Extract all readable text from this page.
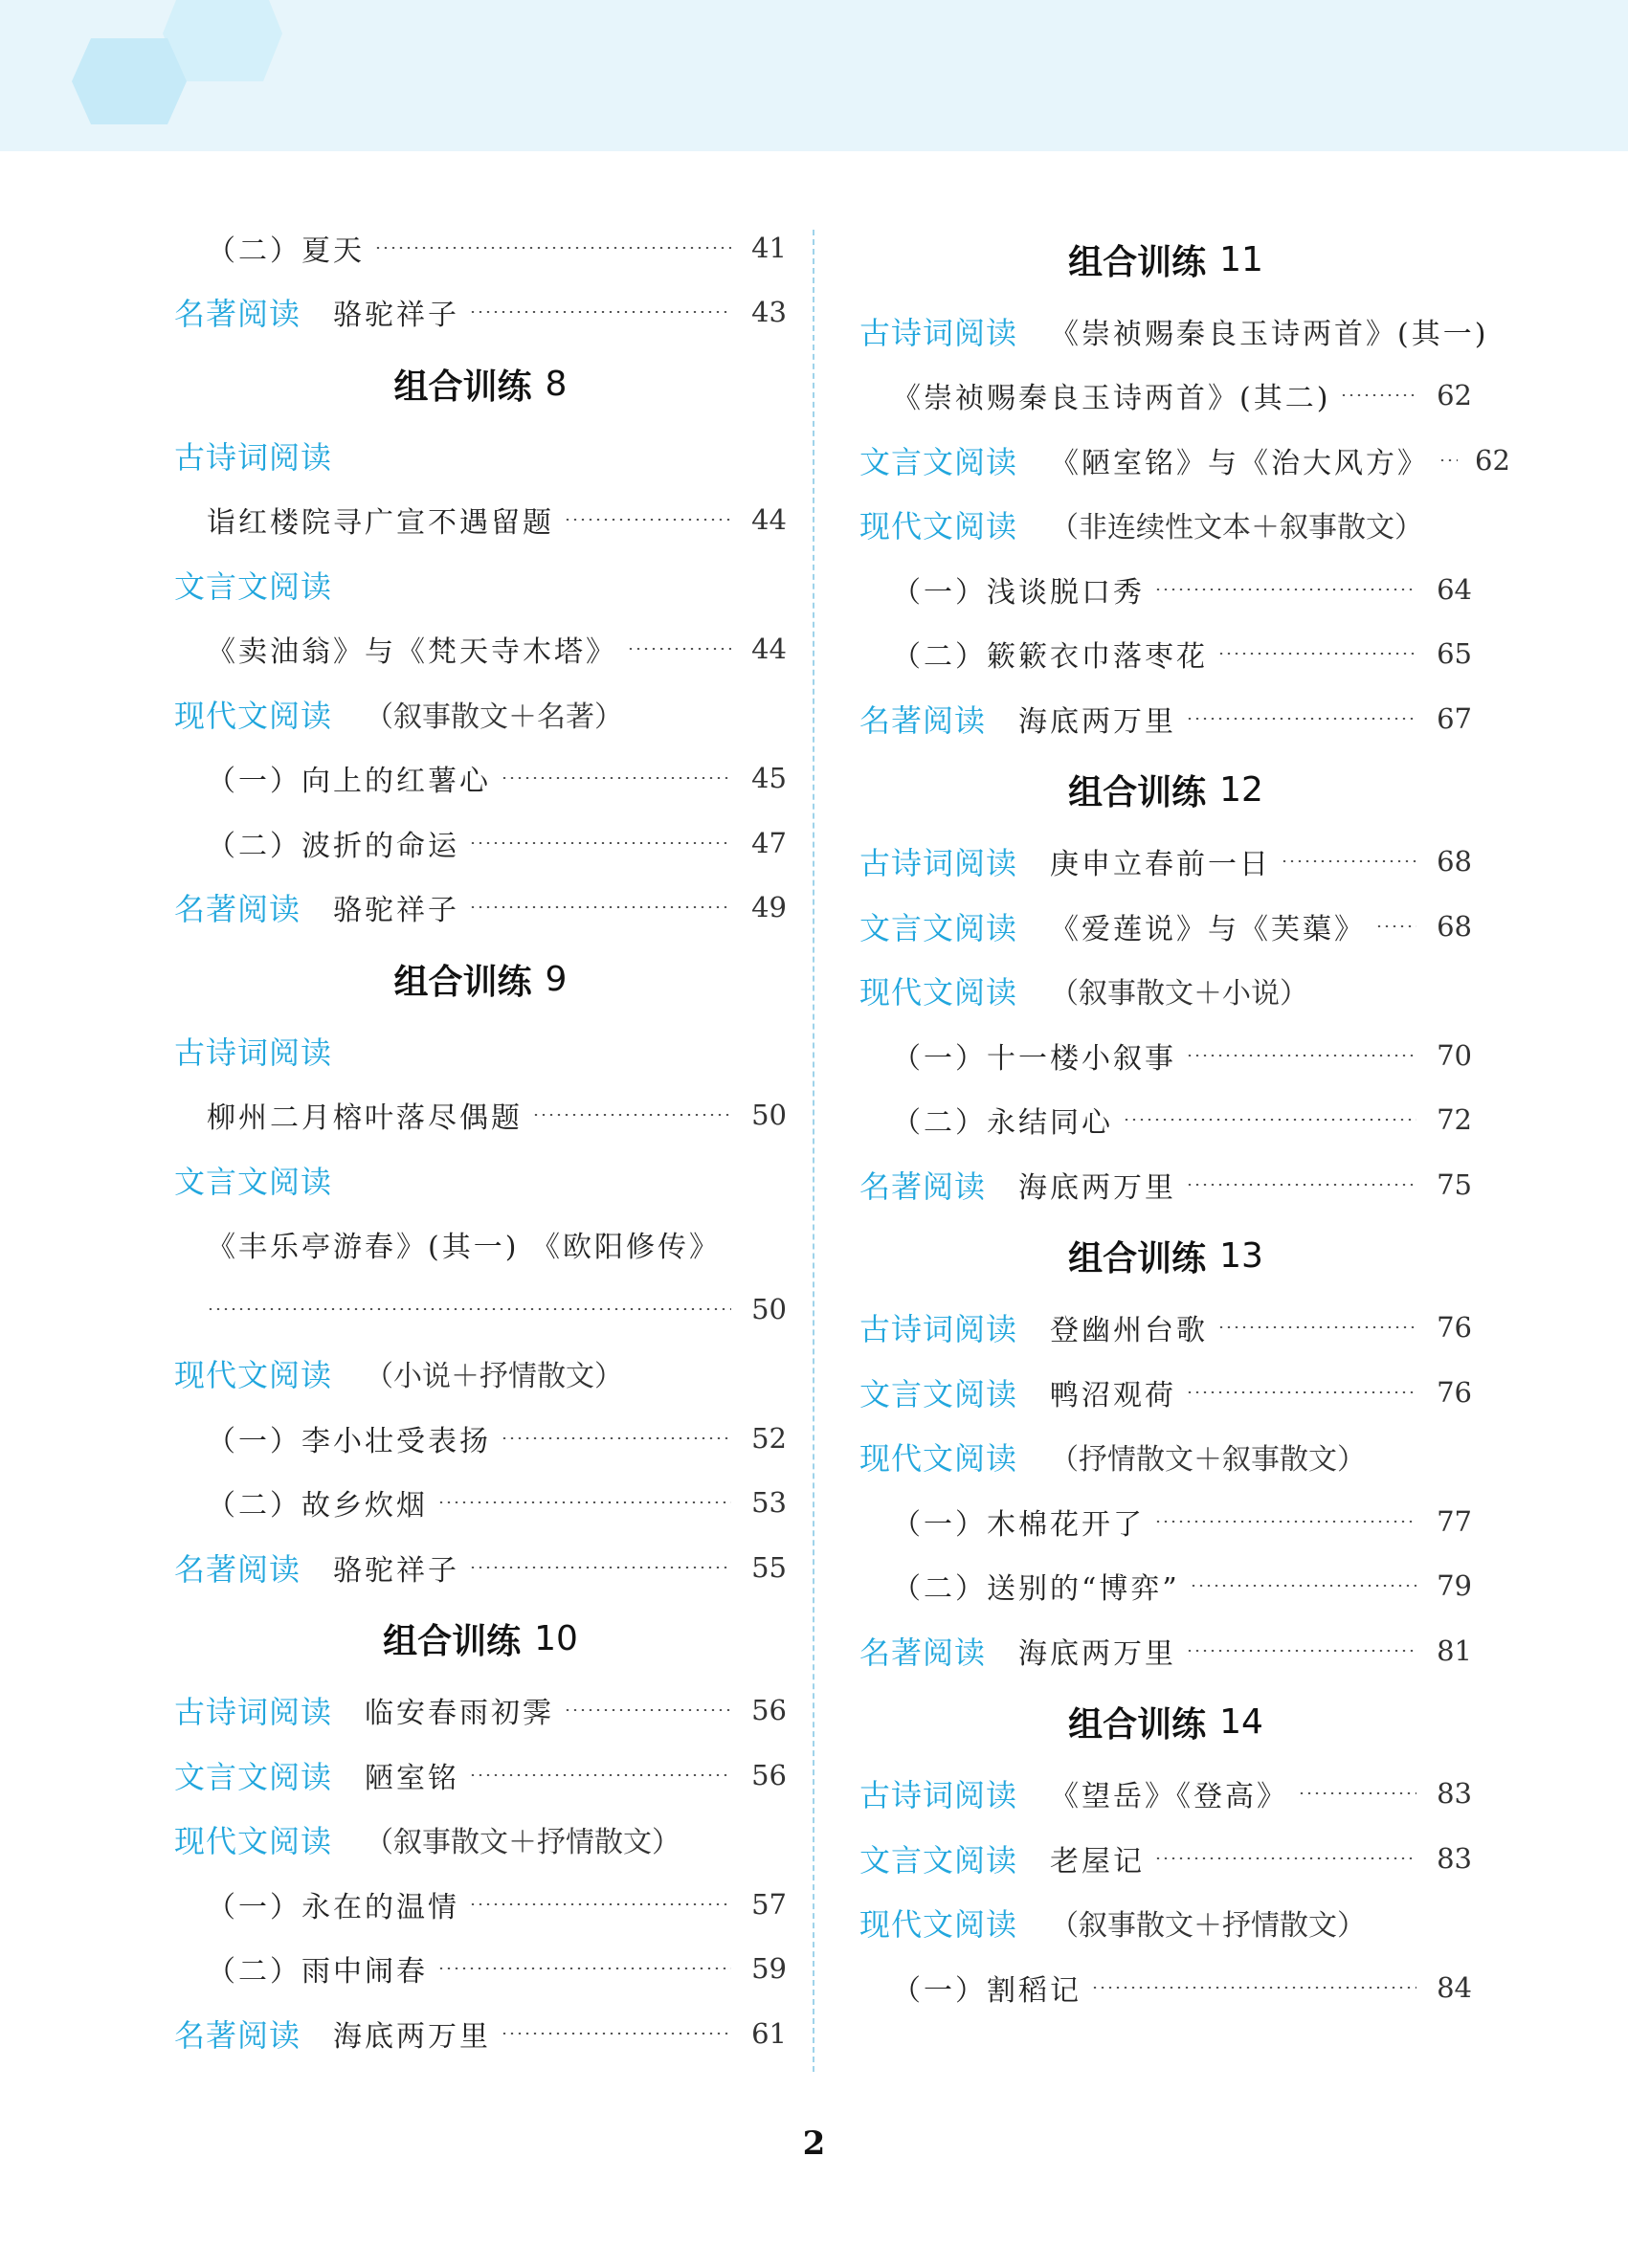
（二）夏天	41
名著阅读 骆驼祥子	43
组合训练 8
古诗词阅读
诣红楼院寻广宣不遇留题	44
文言文阅读
《卖油翁》与《梵天寺木塔》	44
现代文阅读 （叙事散文＋名著）
（一）向上的红薯心	45
（二）波折的命运	47
名著阅读 骆驼祥子	49
组合训练 9
古诗词阅读
柳州二月榕叶落尽偶题	50
文言文阅读
《丰乐亭游春》(其一) 《欧阳修传》
50
现代文阅读 （小说＋抒情散文）
（一）李小壮受表扬	52
（二）故乡炊烟	53
名著阅读 骆驼祥子	55
组合训练 10
古诗词阅读 临安春雨初霁	56
文言文阅读 陋室铭	56
现代文阅读 （叙事散文＋抒情散文）
（一）永在的温情	57
（二）雨中闹春	59
名著阅读 海底两万里	61
组合训练 11
古诗词阅读 《崇祯赐秦良玉诗两首》(其一)
《崇祯赐秦良玉诗两首》(其二)	62
文言文阅读 《陋室铭》与《治大风方》 62
现代文阅读 （非连续性文本＋叙事散文）
（一）浅谈脱口秀	64
（二）簌簌衣巾落枣花	65
名著阅读 海底两万里	67
组合训练 12
古诗词阅读 庚申立春前一日	68
文言文阅读 《爱莲说》与《芙蕖》	68
现代文阅读 （叙事散文＋小说）
（一）十一楼小叙事	70
（二）永结同心	72
名著阅读 海底两万里	75
组合训练 13
古诗词阅读 登幽州台歌	76
文言文阅读 鸭沼观荷	76
现代文阅读 （抒情散文＋叙事散文）
（一）木棉花开了	77
（二）送别的“博弈”	79
名著阅读 海底两万里	81
组合训练 14
古诗词阅读 《望岳》《登高》	83
文言文阅读 老屋记	83
现代文阅读 （叙事散文＋抒情散文）
（一）割稻记	84
2
